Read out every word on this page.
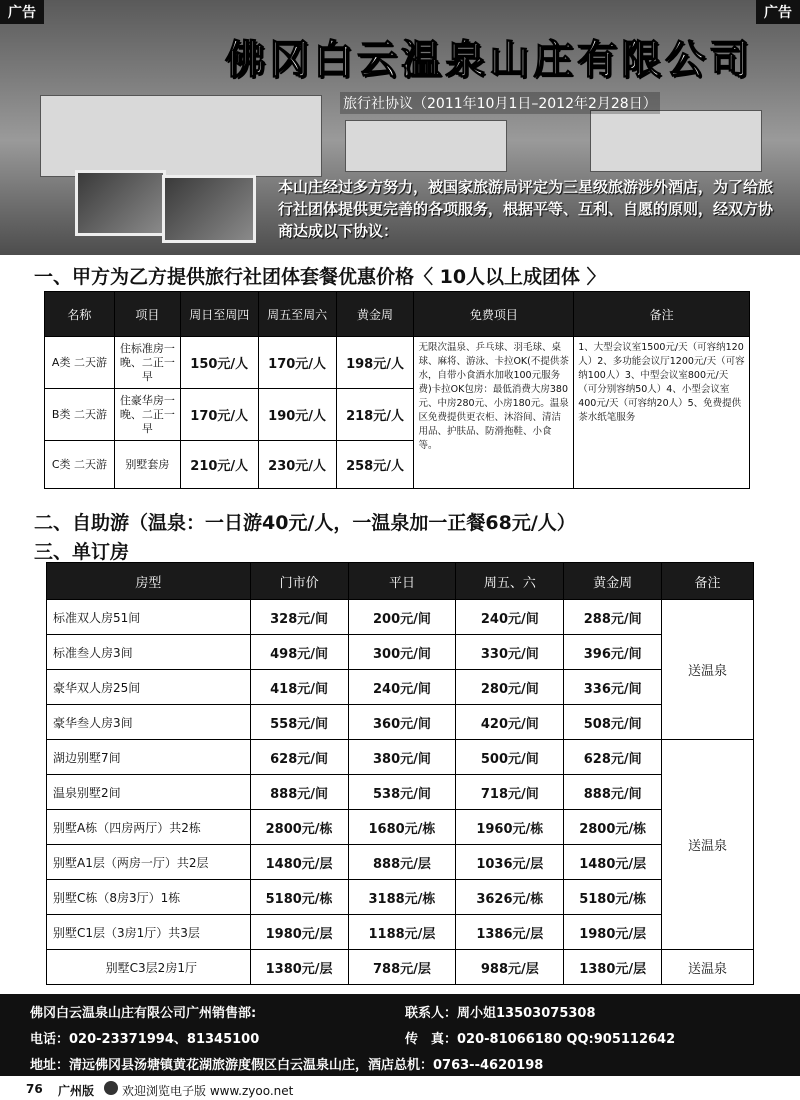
广告	广告
佛冈白云温泉山庄有限公司
旅行社协议（2011年10月1日–2012年2月28日）
本山庄经过多方努力，被国家旅游局评定为三星级旅游涉外酒店，为了给旅行社团体提供更完善的各项服务，根据平等、互利、自愿的原则，经双方协商达成以下协议：
一、甲方为乙方提供旅行社团体套餐优惠价格〈 10人以上成团体 〉
名称	项目	周日至周四	周五至周六	黄金周	免费项目	备注
A类 二天游	住标准房一晚、二正一早	150元/人	170元/人	198元/人	无限次温泉、乒乓球、羽毛球、桌球、麻将、游泳、卡拉OK(不提供茶水，自带小食酒水加收100元服务费)卡拉OK包房：最低消费大房380元、中房280元、小房180元。温泉区免费提供更衣柜、沐浴间、清洁用品、护肤品、防滑拖鞋、小食等。	1、大型会议室1500元/天（可容纳120人）2、多功能会议厅1200元/天（可容纳100人）3、中型会议室800元/天（可分别容纳50人）4、小型会议室400元/天（可容纳20人）5、免费提供茶水纸笔服务
B类 二天游	住豪华房一晚、二正一早	170元/人	190元/人	218元/人		
C类 二天游	别墅套房	210元/人	230元/人	258元/人		
二、自助游（温泉：一日游40元/人，一温泉加一正餐68元/人）
三、单订房
房型	门市价	平日	周五、六	黄金周	备注
标准双人房51间	328元/间	200元/间	240元/间	288元/间	送温泉
标准叁人房3间	498元/间	300元/间	330元/间	396元/间	
豪华双人房25间	418元/间	240元/间	280元/间	336元/间	
豪华叁人房3间	558元/间	360元/间	420元/间	508元/间	
湖边别墅7间	628元/间	380元/间	500元/间	628元/间	送温泉
温泉别墅2间	888元/间	538元/间	718元/间	888元/间	
别墅A栋（四房两厅）共2栋	2800元/栋	1680元/栋	1960元/栋	2800元/栋	
别墅A1层（两房一厅）共2层	1480元/层	888元/层	1036元/层	1480元/层	
别墅C栋（8房3厅）1栋	5180元/栋	3188元/栋	3626元/栋	5180元/栋	
别墅C1层（3房1厅）共3层	1980元/层	1188元/层	1386元/层	1980元/层	
别墅C3层2房1厅	1380元/层	788元/层	988元/层	1380元/层	送温泉
佛冈白云温泉山庄有限公司广州销售部:	联系人：周小姐13503075308
电话：020-23371994、81345100	传　真：020-81066180 QQ:905112642
地址：清远佛冈县汤塘镇黄花湖旅游度假区白云温泉山庄，酒店总机：0763--4620198
76 广州版 欢迎浏览电子版 www.zyoo.net
